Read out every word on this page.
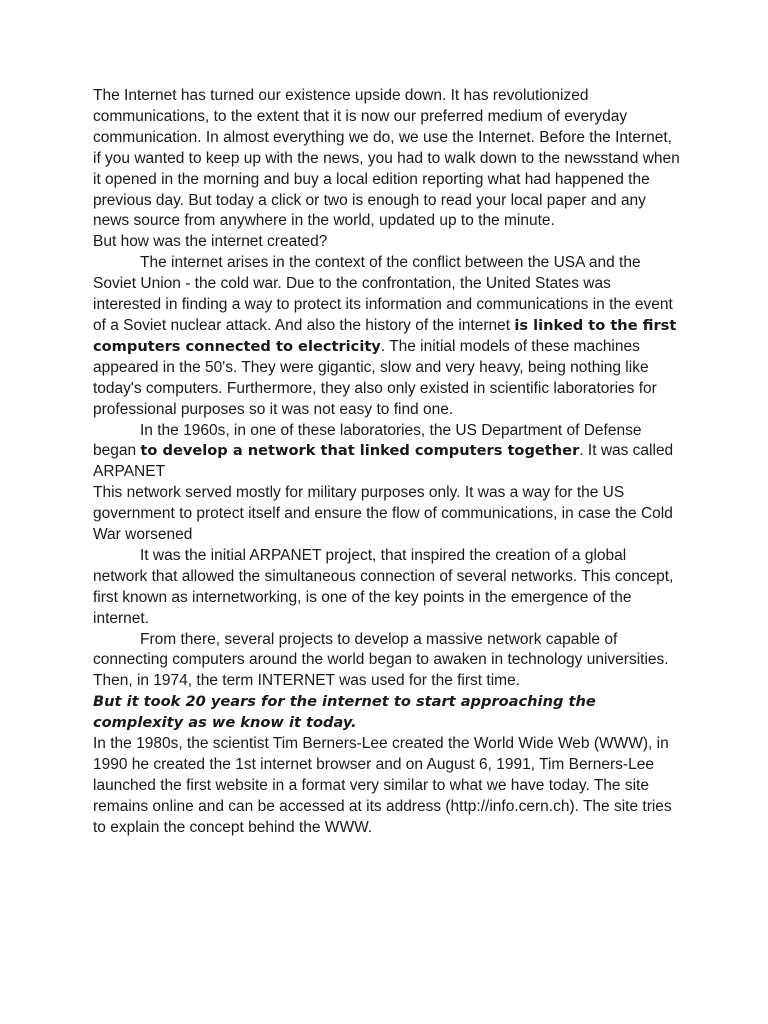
The Internet has turned our existence upside down. It has revolutionized communications, to the extent that it is now our preferred medium of everyday communication. In almost everything we do, we use the Internet. Before the Internet, if you wanted to keep up with the news, you had to walk down to the newsstand when it opened in the morning and buy a local edition reporting what had happened the previous day. But today a click or two is enough to read your local paper and any news source from anywhere in the world, updated up to the minute.

But how was the internet created?

The internet arises in the context of the conflict between the USA and the Soviet Union - the cold war. Due to the confrontation, the United States was interested in finding a way to protect its information and communications in the event of a Soviet nuclear attack. And also the history of the internet is linked to the first computers connected to electricity. The initial models of these machines appeared in the 50's. They were gigantic, slow and very heavy, being nothing like today's computers. Furthermore, they also only existed in scientific laboratories for professional purposes so it was not easy to find one.

In the 1960s, in one of these laboratories, the US Department of Defense began to develop a network that linked computers together. It was called ARPANET

This network served mostly for military purposes only. It was a way for the US government to protect itself and ensure the flow of communications, in case the Cold War worsened

It was the initial ARPANET project, that inspired the creation of a global network that allowed the simultaneous connection of several networks. This concept, first known as internetworking, is one of the key points in the emergence of the internet.

From there, several projects to develop a massive network capable of connecting computers around the world began to awaken in technology universities.

Then, in 1974, the term INTERNET was used for the first time.

But it took 20 years for the internet to start approaching the complexity as we know it today.

In the 1980s, the scientist Tim Berners-Lee created the World Wide Web (WWW), in 1990 he created the 1st internet browser and on August 6, 1991, Tim Berners-Lee launched the first website in a format very similar to what we have today. The site remains online and can be accessed at its address (http://info.cern.ch). The site tries to explain the concept behind the WWW.
